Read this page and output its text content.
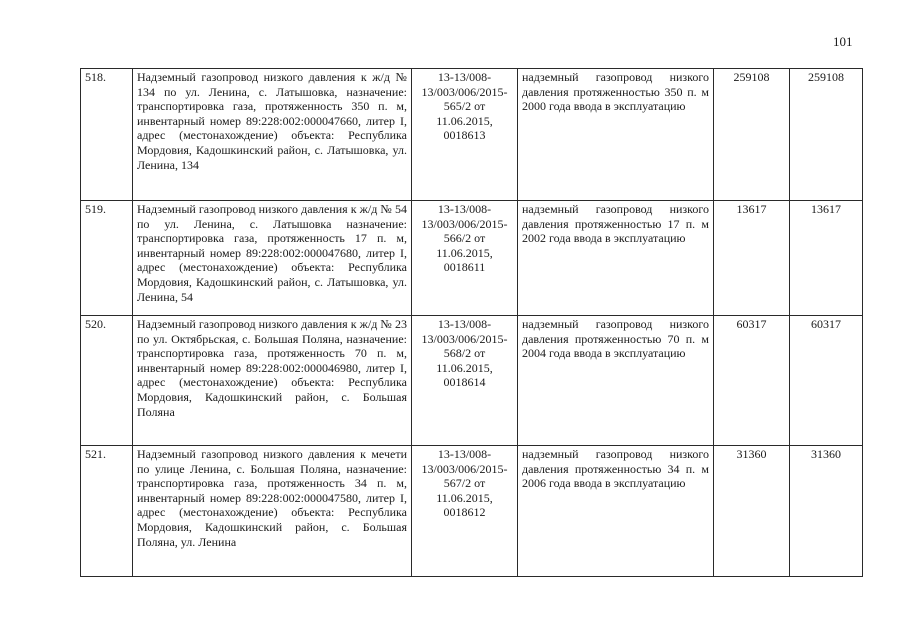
101
518.	Надземный газопровод низкого давления к ж/д № 134 по ул. Ленина, с. Латышовка, назначение: транспортировка газа, протяженность 350 п. м, инвентарный номер 89:228:002:000047660, литер I, адрес (местонахождение) объекта: Республика Мордовия, Кадошкинский район, с. Латышовка, ул. Ленина, 134	13-13/008-13/003/006/2015-565/2 от 11.06.2015, 0018613	надземный газопровод низкого давления протяженностью 350 п. м 2000 года ввода в эксплуатацию	259108	259108
519.	Надземный газопровод низкого давления к ж/д № 54 по ул. Ленина, с. Латышовка назначение: транспортировка газа, протяженность 17 п. м, инвентарный номер 89:228:002:000047680, литер I, адрес (местонахождение) объекта: Республика Мордовия, Кадошкинский район, с. Латышовка, ул. Ленина, 54	13-13/008-13/003/006/2015-566/2 от 11.06.2015, 0018611	надземный газопровод низкого давления протяженностью 17 п. м 2002 года ввода в эксплуатацию	13617	13617
520.	Надземный газопровод низкого давления к ж/д № 23 по ул. Октябрьская, с. Большая Поляна, назначение: транспортировка газа, протяженность 70 п. м, инвентарный номер 89:228:002:000046980, литер I, адрес (местонахождение) объекта: Республика Мордовия, Кадошкинский район, с. Большая Поляна	13-13/008-13/003/006/2015-568/2 от 11.06.2015, 0018614	надземный газопровод низкого давления протяженностью 70 п. м 2004 года ввода в эксплуатацию	60317	60317
521.	Надземный газопровод низкого давления к мечети по улице Ленина, с. Большая Поляна, назначение: транспортировка газа, протяженность 34 п. м, инвентарный номер 89:228:002:000047580, литер I, адрес (местонахождение) объекта: Республика Мордовия, Кадошкинский район, с. Большая Поляна, ул. Ленина	13-13/008-13/003/006/2015-567/2 от 11.06.2015, 0018612	надземный газопровод низкого давления протяженностью 34 п. м 2006 года ввода в эксплуатацию	31360	31360
